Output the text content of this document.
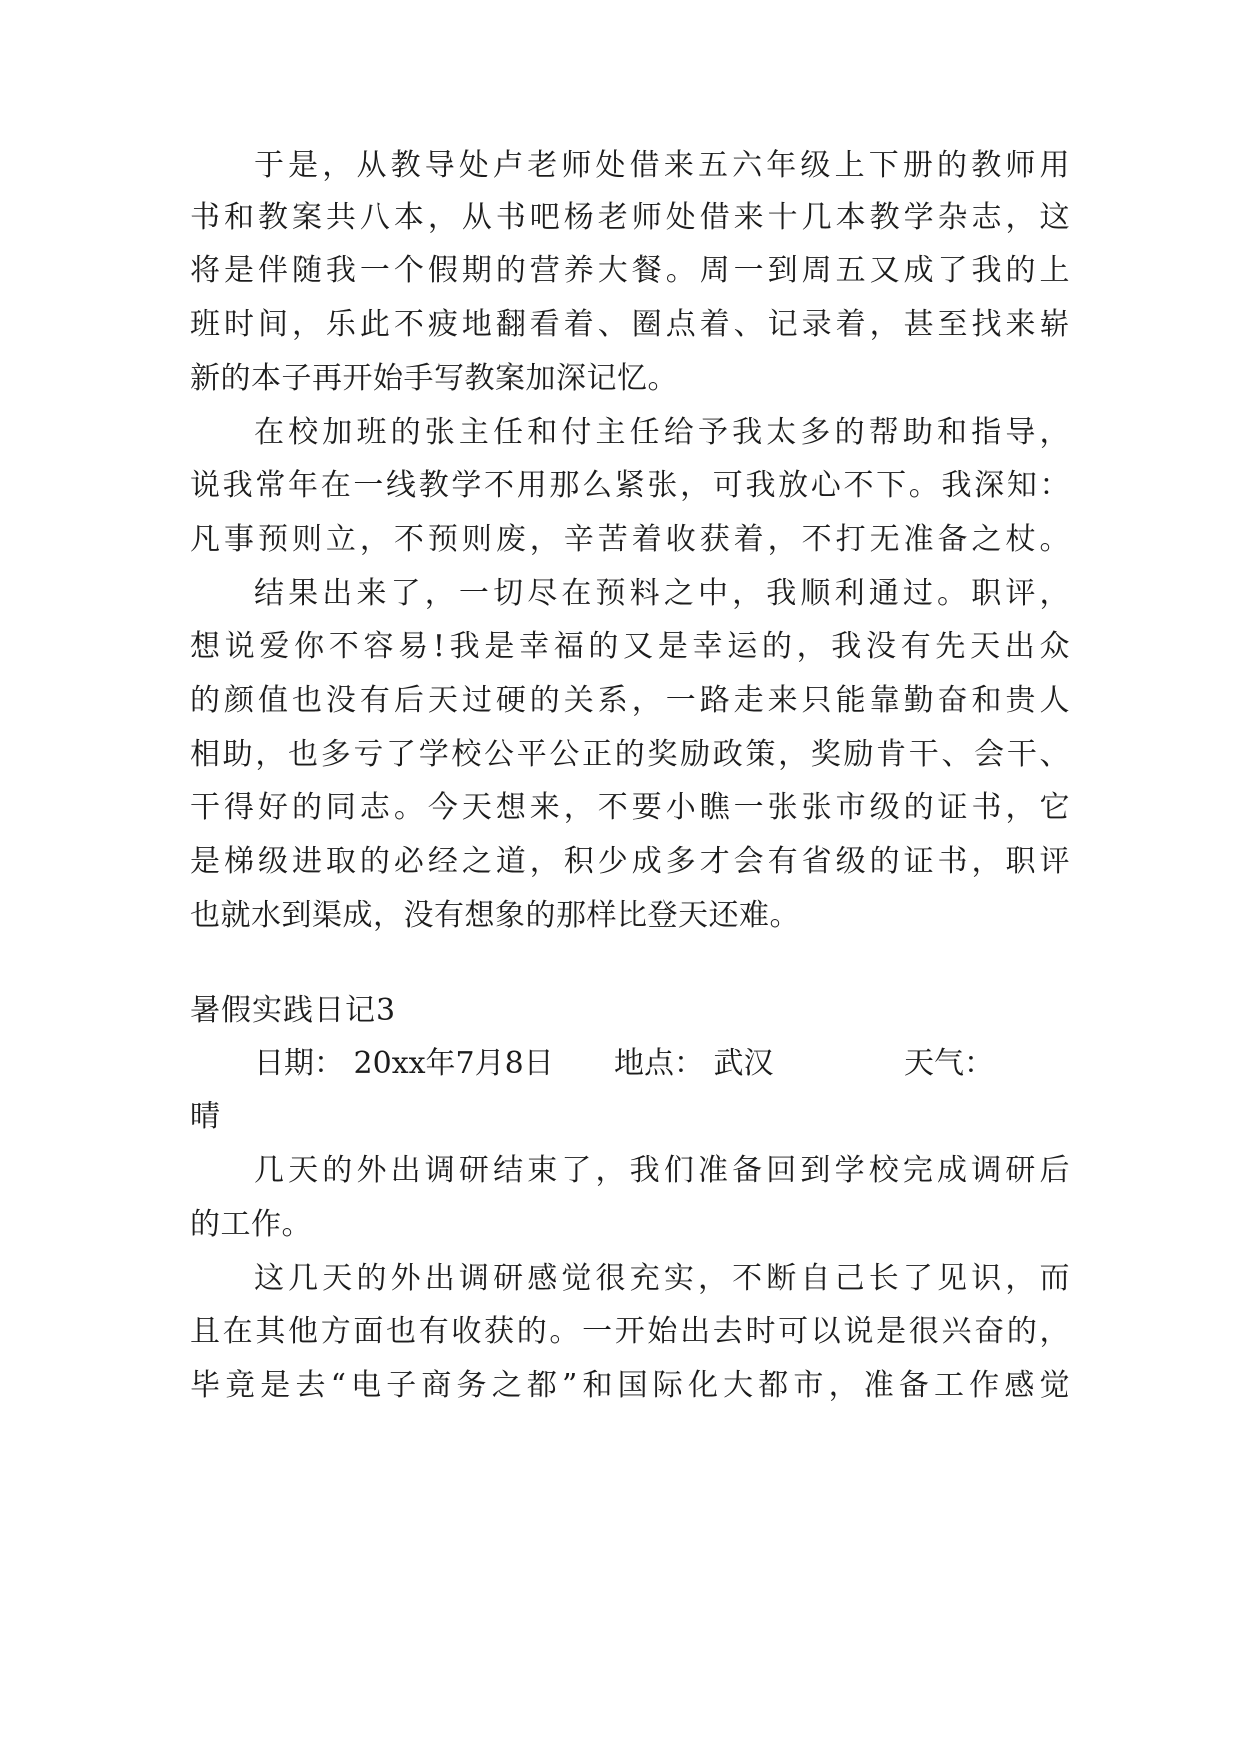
于是，从教导处卢老师处借来五六年级上下册的教师用
书和教案共八本，从书吧杨老师处借来十几本教学杂志，这
将是伴随我一个假期的营养大餐。周一到周五又成了我的上
班时间，乐此不疲地翻看着、圈点着、记录着，甚至找来崭
新的本子再开始手写教案加深记忆。
在校加班的张主任和付主任给予我太多的帮助和指导，
说我常年在一线教学不用那么紧张，可我放心不下。我深知：
凡事预则立，不预则废，辛苦着收获着，不打无准备之杖。
结果出来了，一切尽在预料之中，我顺利通过。职评，
想说爱你不容易!我是幸福的又是幸运的，我没有先天出众
的颜值也没有后天过硬的关系，一路走来只能靠勤奋和贵人
相助，也多亏了学校公平公正的奖励政策，奖励肯干、会干、
干得好的同志。今天想来，不要小瞧一张张市级的证书，它
是梯级进取的必经之道，积少成多才会有省级的证书，职评
也就水到渠成，没有想象的那样比登天还难。
暑假实践日记3
日期： 20xx年7月8日 地点： 武汉	天气：
晴
几天的外出调研结束了，我们准备回到学校完成调研后
的工作。
这几天的外出调研感觉很充实，不断自己长了见识，而
且在其他方面也有收获的。一开始出去时可以说是很兴奋的，
毕竟是去“电子商务之都”和国际化大都市，准备工作感觉
